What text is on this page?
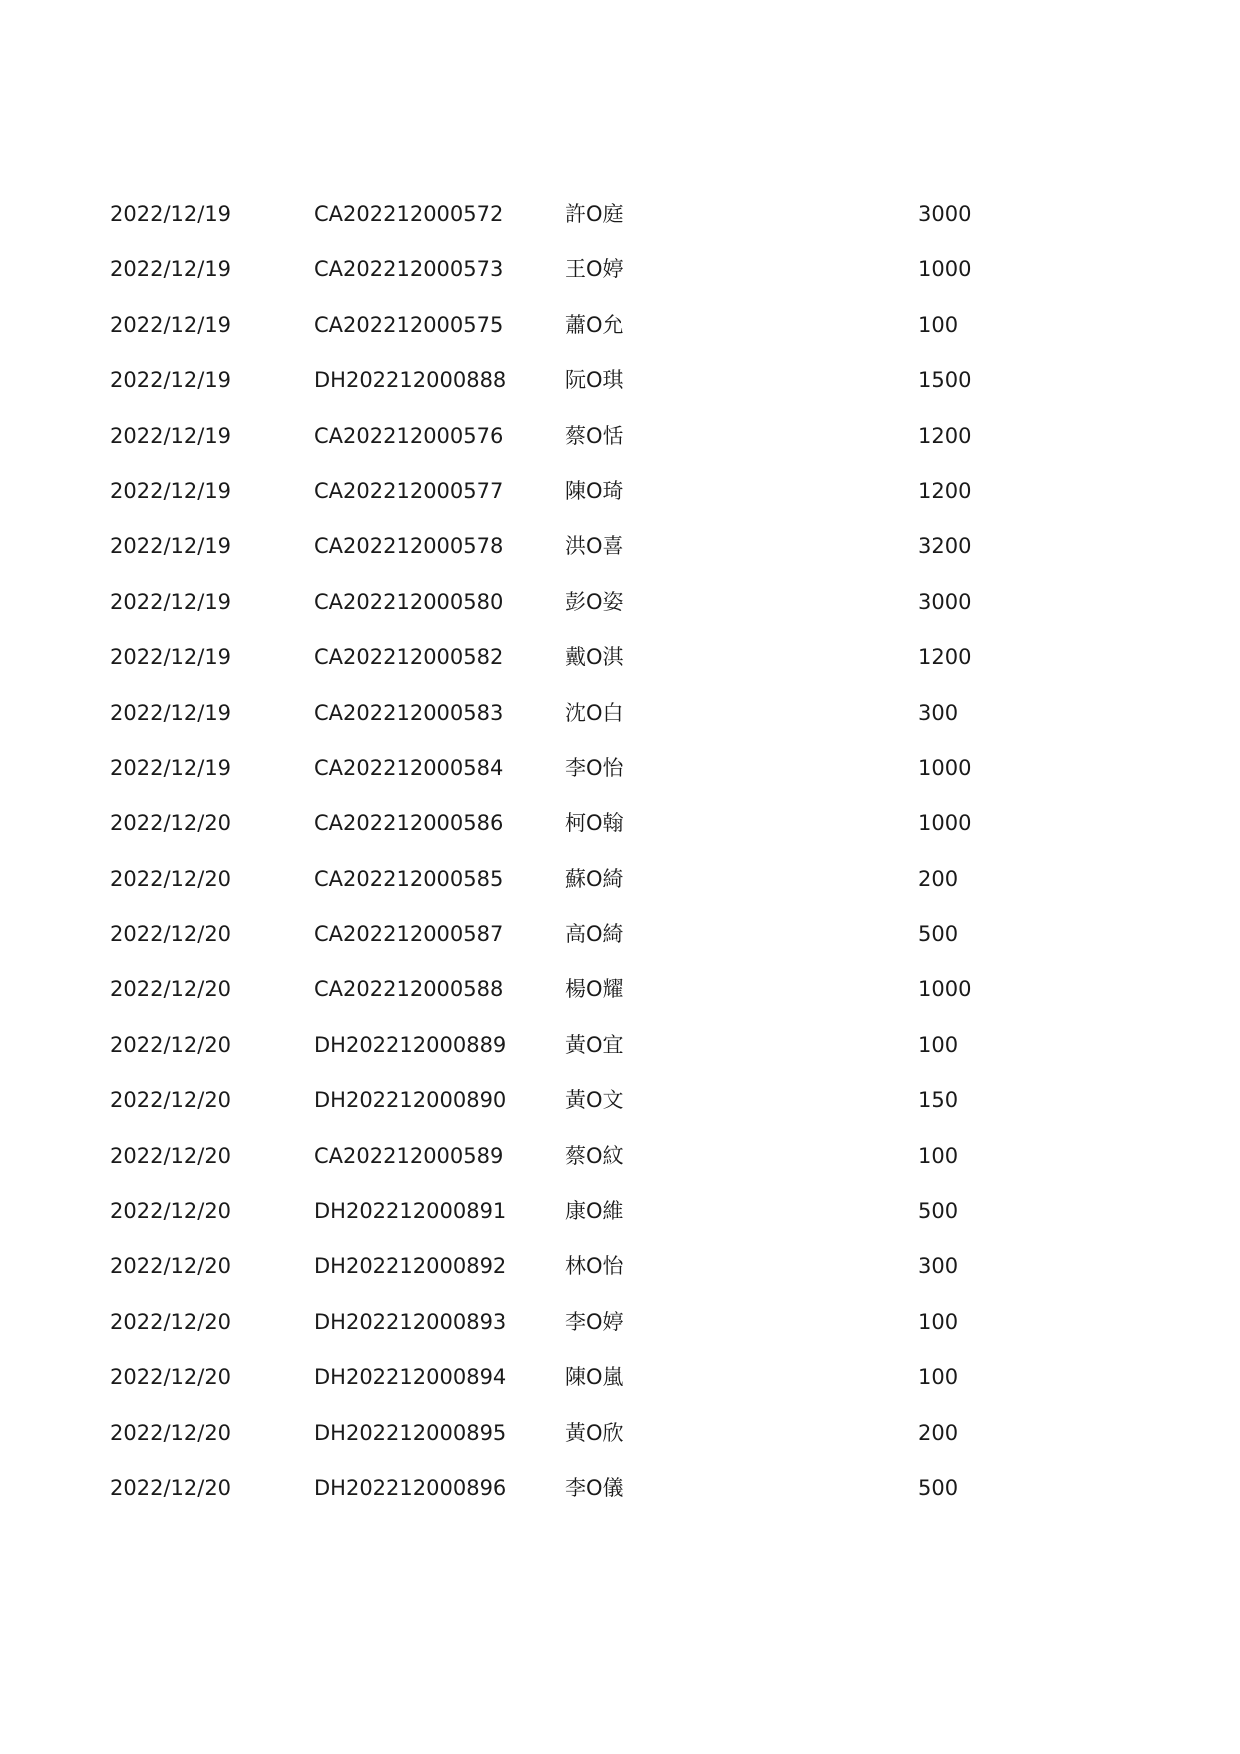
2022/12/19	CA202212000572	許O庭	3000
2022/12/19	CA202212000573	王O婷	1000
2022/12/19	CA202212000575	蕭O允	100
2022/12/19	DH202212000888	阮O琪	1500
2022/12/19	CA202212000576	蔡O恬	1200
2022/12/19	CA202212000577	陳O琦	1200
2022/12/19	CA202212000578	洪O喜	3200
2022/12/19	CA202212000580	彭O姿	3000
2022/12/19	CA202212000582	戴O淇	1200
2022/12/19	CA202212000583	沈O白	300
2022/12/19	CA202212000584	李O怡	1000
2022/12/20	CA202212000586	柯O翰	1000
2022/12/20	CA202212000585	蘇O綺	200
2022/12/20	CA202212000587	高O綺	500
2022/12/20	CA202212000588	楊O耀	1000
2022/12/20	DH202212000889	黃O宜	100
2022/12/20	DH202212000890	黃O文	150
2022/12/20	CA202212000589	蔡O紋	100
2022/12/20	DH202212000891	康O維	500
2022/12/20	DH202212000892	林O怡	300
2022/12/20	DH202212000893	李O婷	100
2022/12/20	DH202212000894	陳O嵐	100
2022/12/20	DH202212000895	黃O欣	200
2022/12/20	DH202212000896	李O儀	500
